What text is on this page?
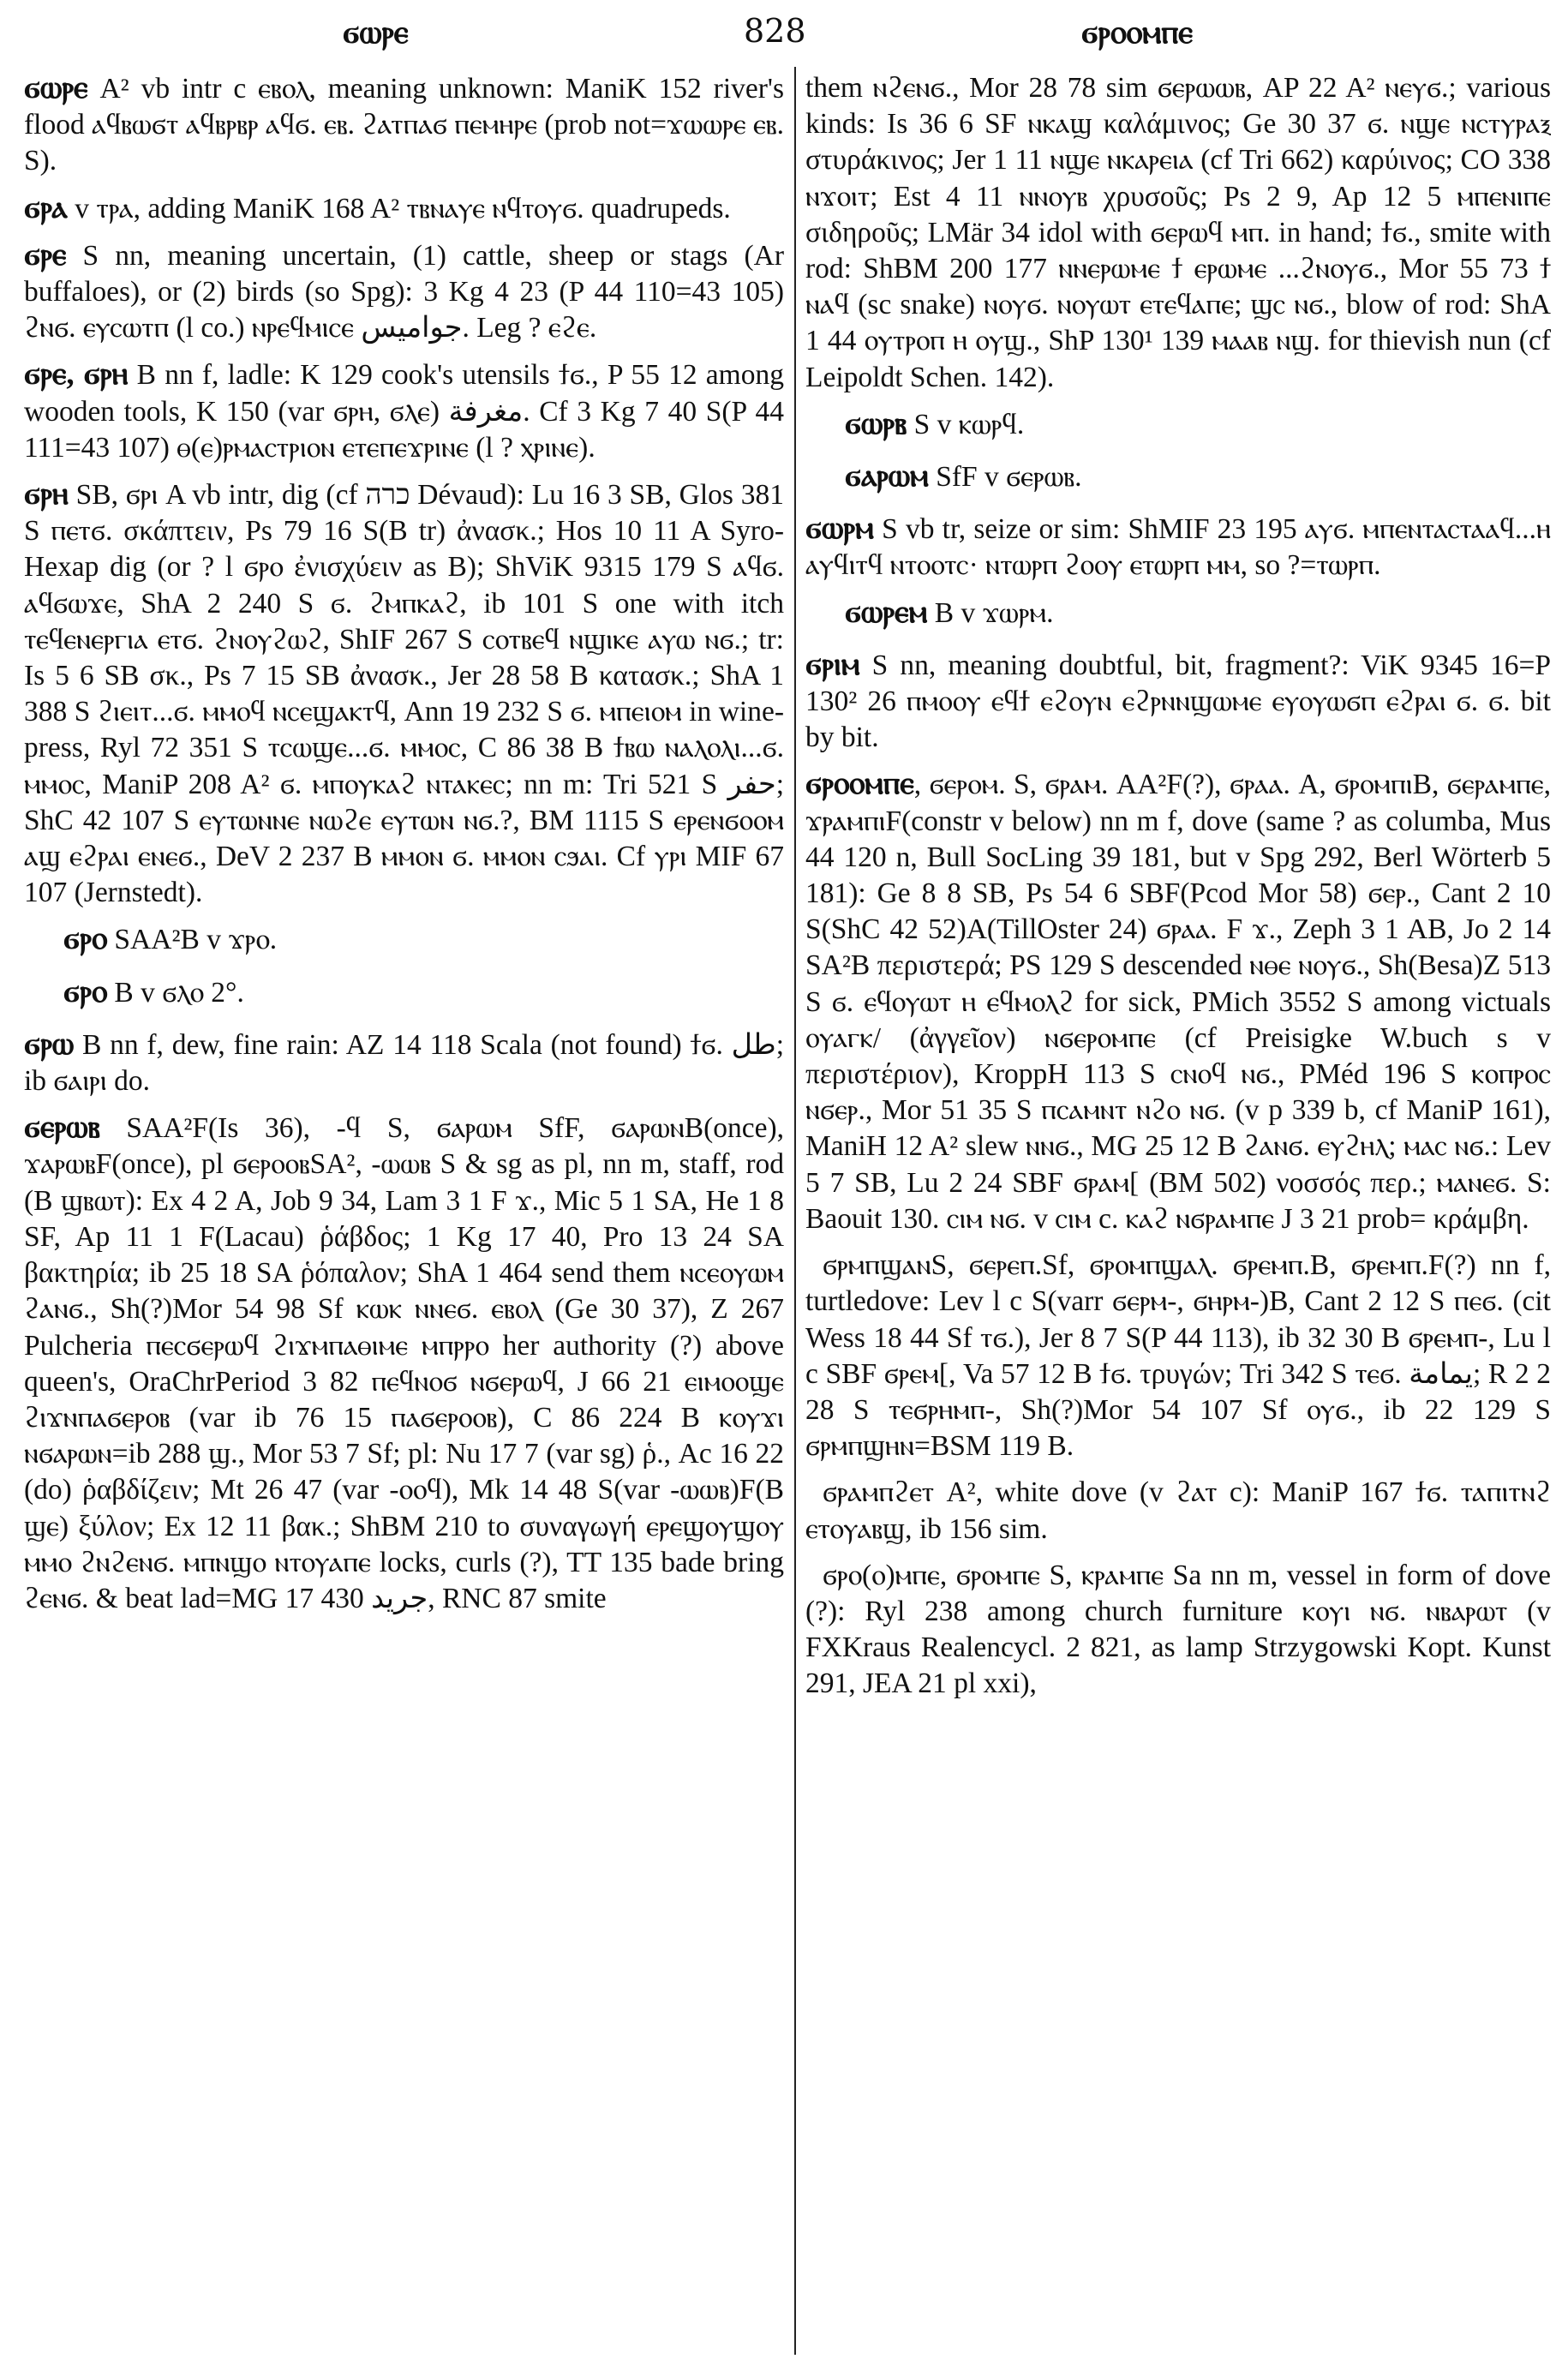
ϭⲱⲣⲉ	828	ϭⲣⲟⲟⲙⲡⲉ

ϭⲱⲣⲉ A² vb intr c ⲉⲃⲟⲗ, meaning unknown: ManiK 152 river's flood ⲁϥⲃⲱϭⲧ ⲁϥⲃⲣⲃⲣ ⲁϥϭ. ⲉⲃ. ϩⲁⲧⲡⲁϭ ⲡⲉⲙⲏⲣⲉ (prob not=ϫⲱⲱⲣⲉ ⲉⲃ. S).

ϭⲣⲁ v ⲧⲣⲁ, adding ManiK 168 A² ⲧⲃⲛⲁⲩⲉ ⲛϥⲧⲟⲩϭ. quadrupeds.

ϭⲣⲉ S nn, meaning uncertain, (1) cattle, sheep or stags (Ar buffaloes), or (2) birds (so Spg): 3 Kg 4 23 (P 44 110=43 105) ϩⲛϭ. ⲉⲩⲥⲱⲧⲡ (l co.) ⲛⲣⲉϥⲙⲓⲥⲉ جواميس. Leg ? ⲉϩⲉ.

ϭⲣⲉ, ϭⲣⲏ B nn f, ladle: K 129 cook's utensils ϯϭ., P 55 12 among wooden tools, K 150 (var ϭⲣⲏ, ϭⲗⲉ) مغرفة. Cf 3 Kg 7 40 S(P 44 111=43 107) ⲑ(ⲉ)ⲣⲙⲁⲥⲧⲣⲓⲟⲛ ⲉⲧⲉⲡⲉϫⲣⲓⲛⲉ (l ? ⲭⲣⲓⲛⲉ).

ϭⲣⲏ SB, ϭⲣⲓ A vb intr, dig (cf כרה Dévaud): Lu 16 3 SB, Glos 381 S ⲡⲉⲧϭ. σκάπτειν, Ps 79 16 S(B tr) ἀνασκ.; Hos 10 11 A Syro-Hexap dig (or ? l ϭⲣⲟ ἐνισχύειν as B); ShViK 9315 179 S ⲁϥϭ. ⲁϥϭⲱϫⲉ, ShA 2 240 S ϭ. ϩⲙⲡⲕⲁϩ, ib 101 S one with itch ⲧⲉϥⲉⲛⲉⲣⲅⲓⲁ ⲉⲧϭ. ϩⲛⲟⲩϩⲱϩ, ShIF 267 S ⲥⲟⲧⲃⲉϥ ⲛϣⲓⲕⲉ ⲁⲩⲱ ⲛϭ.; tr: Is 5 6 SB σκ., Ps 7 15 SB ἀνασκ., Jer 28 58 B κατασκ.; ShA 1 388 S ϩⲓⲉⲓⲧ...ϭ. ⲙⲙⲟϥ ⲛⲥⲉϣⲁⲕⲧϥ, Ann 19 232 S ϭ. ⲙⲡⲉⲓⲟⲙ in wine-press, Ryl 72 351 S ⲧⲥⲱϣⲉ...ϭ. ⲙⲙⲟⲥ, C 86 38 B ϯⲃⲱ ⲛⲁⲗⲟⲗⲓ...ϭ. ⲙⲙⲟⲥ, ManiP 208 A² ϭ. ⲙⲡⲟⲩⲕⲁϩ ⲛⲧⲁⲕⲉⲥ; nn m: Tri 521 S حفر; ShC 42 107 S ⲉⲩⲧⲱⲛⲛⲉ ⲛⲱϩⲉ ⲉⲩⲧⲱⲛ ⲛϭ.?, BM 1115 S ⲉⲣⲉⲛϭⲟⲟⲙ ⲁϣ ⲉϩⲣⲁⲓ ⲉⲛⲉϭ., DeV 2 237 B ⲙⲙⲟⲛ ϭ. ⲙⲙⲟⲛ ⲥϧⲁⲓ. Cf ⲩⲣⲓ MIF 67 107 (Jernstedt).

ϭⲣⲟ SAA²B v ϫⲣⲟ.

ϭⲣⲟ B v ϭⲗⲟ 2°.

ϭⲣⲱ B nn f, dew, fine rain: AZ 14 118 Scala (not found) ϯϭ. طل; ib ϭⲁⲓⲣⲓ do.

ϭⲉⲣⲱⲃ SAA²F(Is 36), -ϥ S, ϭⲁⲣⲱⲙ SfF, ϭⲁⲣⲱⲛB(once), ϫⲁⲣⲱⲃF(once), pl ϭⲉⲣⲟⲟⲃSA², -ⲱⲱⲃ S & sg as pl, nn m, staff, rod (B ϣⲃⲱⲧ): Ex 4 2 A, Job 9 34, Lam 3 1 F ϫ., Mic 5 1 SA, He 1 8 SF, Ap 11 1 F(Lacau) ῥάβδος; 1 Kg 17 40, Pro 13 24 SA βακτηρία; ib 25 18 SA ῥόπαλον; ShA 1 464 send them ⲛⲥⲉⲟⲩⲱⲙ ϩⲁⲛϭ., Sh(?)Mor 54 98 Sf ⲕⲱⲕ ⲛⲛⲉϭ. ⲉⲃⲟⲗ (Ge 30 37), Z 267 Pulcheria ⲡⲉⲥϭⲉⲣⲱϥ ϩⲓϫⲙⲡⲁⲑⲓⲙⲉ ⲙⲡⲣⲣⲟ her authority (?) above queen's, OraChrPeriod 3 82 ⲡⲉϥⲛⲟϭ ⲛϭⲉⲣⲱϥ, J 66 21 ⲉⲓⲙⲟⲟϣⲉ ϩⲓϫⲛⲡⲁϭⲉⲣⲟⲃ (var ib 76 15 ⲡⲁϭⲉⲣⲟⲟⲃ), C 86 224 B ⲕⲟⲩϫⲓ ⲛϭⲁⲣⲱⲛ=ib 288 ϣ., Mor 53 7 Sf; pl: Nu 17 7 (var sg) ῥ., Ac 16 22 (do) ῥαβδίζειν; Mt 26 47 (var -ⲟⲟϥ), Mk 14 48 S(var -ⲱⲱⲃ)F(B ϣⲉ) ξύλον; Ex 12 11 βακ.; ShBM 210 to συναγωγή ⲉⲣⲉϣⲟⲩϣⲟⲩ ⲙⲙⲟ ϩⲛϩⲉⲛϭ. ⲙⲡⲛϣⲟ ⲛⲧⲟⲩⲁⲡⲉ locks, curls (?), TT 135 bade bring ϩⲉⲛϭ. & beat lad=MG 17 430 جريد, RNC 87 smite

them ⲛϩⲉⲛϭ., Mor 28 78 sim ϭⲉⲣⲱⲱⲃ, AP 22 A² ⲛⲉⲩϭ.; various kinds: Is 36 6 SF ⲛⲕⲁϣ καλάμινος; Ge 30 37 ϭ. ⲛϣⲉ ⲛⲥⲧⲩⲣⲁⲝ στυράκινος; Jer 1 11 ⲛϣⲉ ⲛⲕⲁⲣⲉⲓⲁ (cf Tri 662) καρύινος; CO 338 ⲛϫⲟⲓⲧ; Est 4 11 ⲛⲛⲟⲩⲃ χρυσοῦς; Ps 2 9, Ap 12 5 ⲙⲡⲉⲛⲓⲡⲉ σιδηροῦς; LMär 34 idol with ϭⲉⲣⲱϥ ⲙⲡ. in hand; ϯϭ., smite with rod: ShBM 200 177 ⲛⲛⲉⲣⲱⲙⲉ ϯ ⲉⲣⲱⲙⲉ ...ϩⲛⲟⲩϭ., Mor 55 73 ϯ ⲛⲁϥ (sc snake) ⲛⲟⲩϭ. ⲛⲟⲩⲱⲧ ⲉⲧⲉϥⲁⲡⲉ; ϣⲥ ⲛϭ., blow of rod: ShA 1 44 ⲟⲩⲧⲣⲟⲡ ⲏ ⲟⲩϣ., ShP 130¹ 139 ⲙⲁⲁⲃ ⲛϣ. for thievish nun (cf Leipoldt Schen. 142).

ϭⲱⲣⲃ S v ⲕⲱⲣϥ.

ϭⲁⲣⲱⲙ SfF v ϭⲉⲣⲱⲃ.

ϭⲱⲣⲙ S vb tr, seize or sim: ShMIF 23 195 ⲁⲩϭ. ⲙⲡⲉⲛⲧⲁⲥⲧⲁⲁϥ...ⲏ ⲁⲩϥⲓⲧϥ ⲛⲧⲟⲟⲧⲥ· ⲛⲧⲱⲣⲡ ϩⲟⲟⲩ ⲉⲧⲱⲣⲡ ⲙⲙ, so ?=ⲧⲱⲣⲡ.

ϭⲱⲣⲉⲙ B v ϫⲱⲣⲙ.

ϭⲣⲓⲙ S nn, meaning doubtful, bit, fragment?: ViK 9345 16=P 130² 26 ⲡⲙⲟⲟⲩ ⲉϥϯ ⲉϩⲟⲩⲛ ⲉϩⲣⲛⲛϣⲱⲙⲉ ⲉⲩⲟⲩⲱϭⲡ ⲉϩⲣⲁⲓ ϭ. ϭ. bit by bit.

ϭⲣⲟⲟⲙⲡⲉ, ϭⲉⲣⲟⲙ. S, ϭⲣⲁⲙ. AA²F(?), ϭⲣⲁⲁ. A, ϭⲣⲟⲙⲡⲓB, ϭⲉⲣⲁⲙⲡⲉ, ϫⲣⲁⲙⲡⲓF(constr v below) nn m f, dove (same ? as columba, Mus 44 120 n, Bull SocLing 39 181, but v Spg 292, Berl Wörterb 5 181): Ge 8 8 SB, Ps 54 6 SBF(Pcod Mor 58) ϭⲉⲣ., Cant 2 10 S(ShC 42 52)A(TillOster 24) ϭⲣⲁⲁ. F ϫ., Zeph 3 1 AB, Jo 2 14 SA²B περιστερά; PS 129 S descended ⲛⲑⲉ ⲛⲟⲩϭ., Sh(Besa)Z 513 S ϭ. ⲉϥⲟⲩⲱⲧ ⲏ ⲉϥⲙⲟⲗϩ for sick, PMich 3552 S among victuals ⲟⲩⲁⲅⲕ/ (ἀγγεῖον) ⲛϭⲉⲣⲟⲙⲡⲉ (cf Preisigke W.buch s v περιστέριον), KroppH 113 S ⲥⲛⲟϥ ⲛϭ., PMéd 196 S ⲕⲟⲡⲣⲟⲥ ⲛϭⲉⲣ., Mor 51 35 S ⲡⲥⲁⲙⲛⲧ ⲛϩⲟ ⲛϭ. (v p 339 b, cf ManiP 161), ManiH 12 A² slew ⲛⲛϭ., MG 25 12 B ϩⲁⲛϭ. ⲉⲩϩⲏⲗ; ⲙⲁⲥ ⲛϭ.: Lev 5 7 SB, Lu 2 24 SBF ϭⲣⲁⲙ[ (BM 502) νοσσός περ.; ⲙⲁⲛⲉϭ. S: Baouit 130. ⲥⲓⲙ ⲛϭ. v ⲥⲓⲙ c. ⲕⲁϩ ⲛϭⲣⲁⲙⲡⲉ J 3 21 prob= κράμβη.

ϭⲣⲙⲡϣⲁⲛS, ϭⲉⲣⲉⲡ.Sf, ϭⲣⲟⲙⲡϣⲁⲗ. ϭⲣⲉⲙⲡ.B, ϭⲣⲉⲙⲡ.F(?) nn f, turtledove: Lev l c S(varr ϭⲉⲣⲙ-, ϭⲏⲣⲙ-)B, Cant 2 12 S ⲡⲉϭ. (cit Wess 18 44 Sf ⲧϭ.), Jer 8 7 S(P 44 113), ib 32 30 B ϭⲣⲉⲙⲡ-, Lu l c SBF ϭⲣⲉⲙ[, Va 57 12 B ϯϭ. τρυγών; Tri 342 S ⲧⲉϭ. يمامة; R 2 2 28 S ⲧⲉϭⲣⲏⲙⲡ-, Sh(?)Mor 54 107 Sf ⲟⲩϭ., ib 22 129 S ϭⲣⲙⲡϣⲏⲛ=BSM 119 B.

ϭⲣⲁⲙⲡϩⲉⲧ A², white dove (v ϩⲁⲧ c): ManiP 167 ϯϭ. ⲧⲁⲡⲓⲧⲛϩ ⲉⲧⲟⲩⲁⲃϣ, ib 156 sim.

ϭⲣⲟ(ⲟ)ⲙⲡⲉ, ϭⲣⲟⲙⲡⲉ S, ⲕⲣⲁⲙⲡⲉ Sa nn m, vessel in form of dove (?): Ryl 238 among church furniture ⲕⲟⲩⲓ ⲛϭ. ⲛⲃⲁⲣⲱⲧ (v FXKraus Realencycl. 2 821, as lamp Strzygowski Kopt. Kunst 291, JEA 21 pl xxi),
